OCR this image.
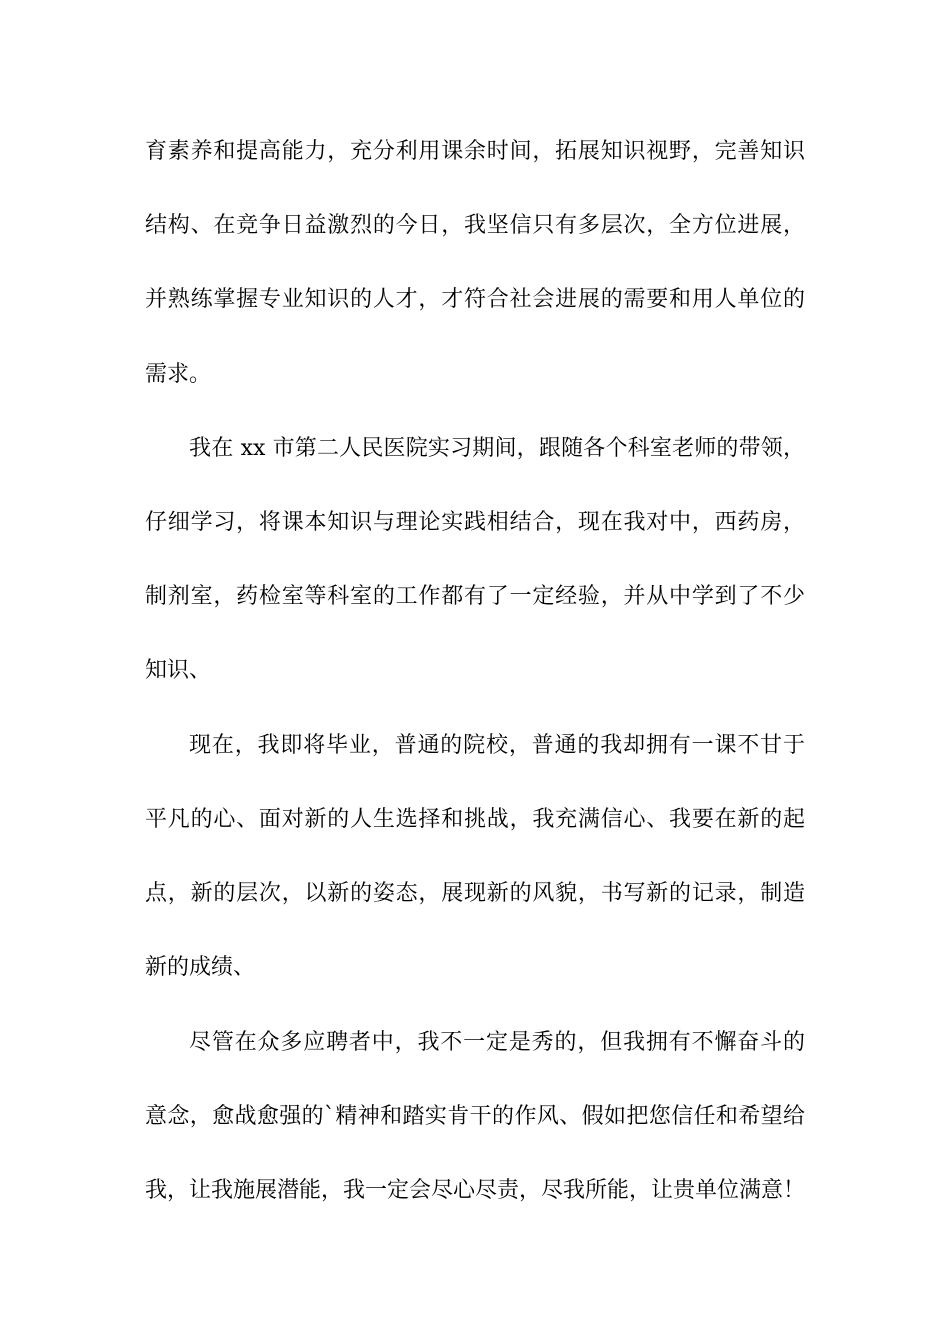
育素养和提高能力，充分利用课余时间，拓展知识视野，完善知识
结构、在竞争日益激烈的今日，我坚信只有多层次，全方位进展，
并熟练掌握专业知识的人才，才符合社会进展的需要和用人单位的
需求。
我在 xx 市第二人民医院实习期间，跟随各个科室老师的带领，
仔细学习，将课本知识与理论实践相结合，现在我对中，西药房，
制剂室，药检室等科室的工作都有了一定经验，并从中学到了不少
知识、
现在，我即将毕业，普通的院校，普通的我却拥有一课不甘于
平凡的心、面对新的人生选择和挑战，我充满信心、我要在新的起
点，新的层次，以新的姿态，展现新的风貌，书写新的记录，制造
新的成绩、
尽管在众多应聘者中，我不一定是秀的，但我拥有不懈奋斗的
意念，愈战愈强的`精神和踏实肯干的作风、假如把您信任和希望给
我，让我施展潜能，我一定会尽心尽责，尽我所能，让贵单位满意！
